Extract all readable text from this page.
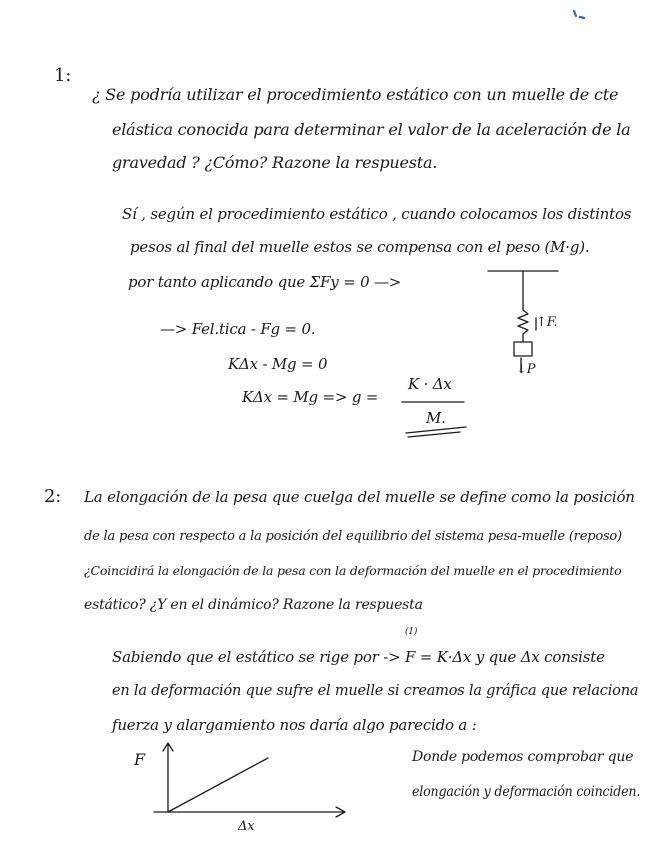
1:
¿ Se podría utilizar el procedimiento estático con un muelle de cte
elástica conocida para determinar el valor de la aceleración de la
gravedad ? ¿Cómo? Razone la respuesta.
Sí , según el procedimiento estático , cuando colocamos los distintos
pesos al final del muelle estos se compensa con el peso (M·g).
por tanto aplicando que ΣFy = 0 —>
—> Fel.tica - Fg = 0.
KΔx - Mg = 0
KΔx = Mg => g =
K · Δx
M.
↑F.
↓P
2: La elongación de la pesa que cuelga del muelle se define como la posición
de la pesa con respecto a la posición del equilibrio del sistema pesa-muelle (reposo)
¿Coincidirá la elongación de la pesa con la deformación del muelle en el procedimiento
estático? ¿Y en el dinámico? Razone la respuesta
Sabiendo que el estático se rige por -> F = K·Δx y que Δx consiste
(1)
en la deformación que sufre el muelle si creamos la gráfica que relaciona
fuerza y alargamiento nos daría algo parecido a :
Donde podemos comprobar que
elongación y deformación coinciden.
F
Δx
